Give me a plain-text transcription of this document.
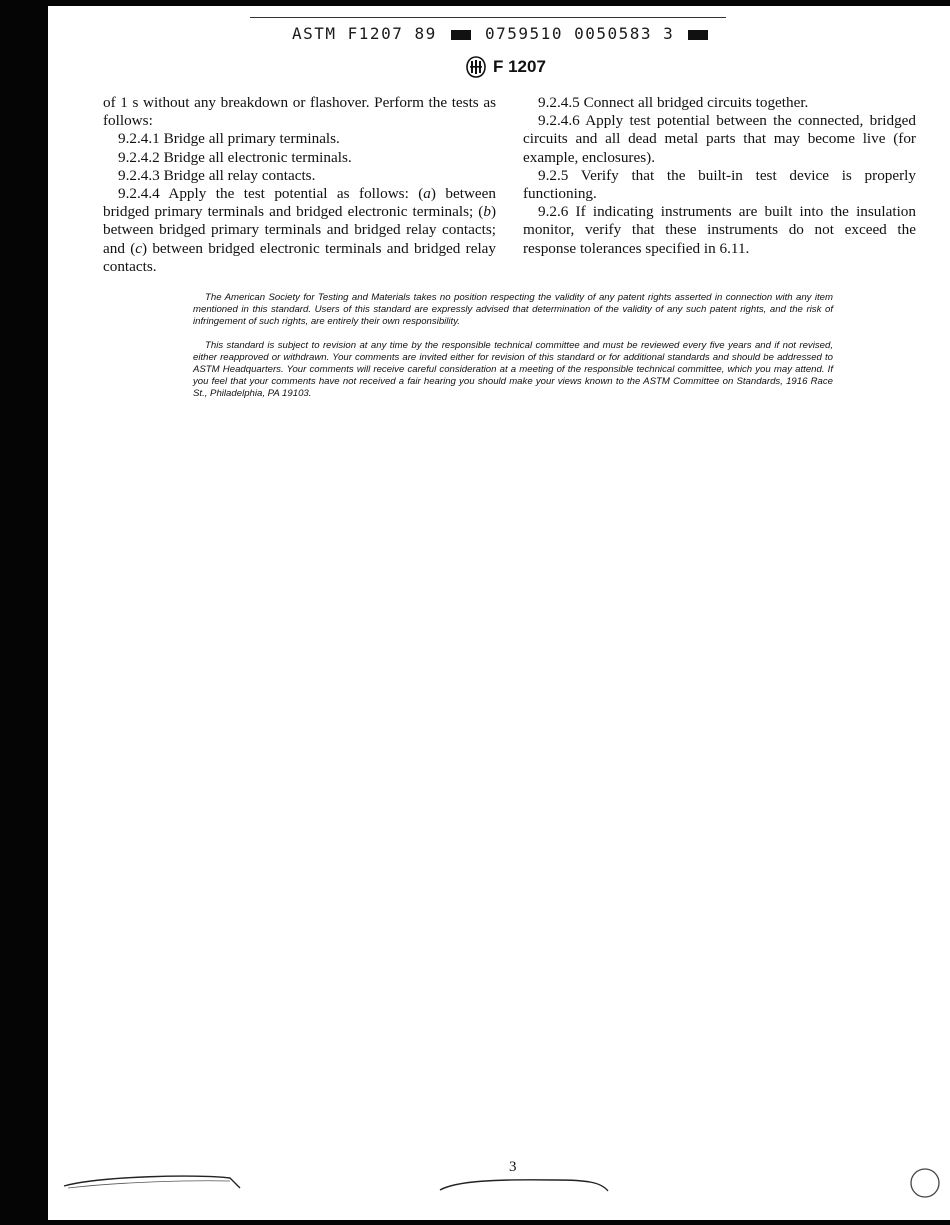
ASTM F1207 89	0759510 0050583 3
F 1207

of 1 s without any breakdown or flashover. Perform the tests as follows:

9.2.4.1 Bridge all primary terminals.

9.2.4.2 Bridge all electronic terminals.

9.2.4.3 Bridge all relay contacts.

9.2.4.4 Apply the test potential as follows: (a) between bridged primary terminals and bridged electronic terminals; (b) between bridged primary terminals and bridged relay contacts; and (c) between bridged electronic terminals and bridged relay contacts.

9.2.4.5 Connect all bridged circuits together.

9.2.4.6 Apply test potential between the connected, bridged circuits and all dead metal parts that may become live (for example, enclosures).

9.2.5 Verify that the built-in test device is properly functioning.

9.2.6 If indicating instruments are built into the insulation monitor, verify that these instruments do not exceed the response tolerances specified in 6.11.

The American Society for Testing and Materials takes no position respecting the validity of any patent rights asserted in connection with any item mentioned in this standard. Users of this standard are expressly advised that determination of the validity of any such patent rights, and the risk of infringement of such rights, are entirely their own responsibility.

This standard is subject to revision at any time by the responsible technical committee and must be reviewed every five years and if not revised, either reapproved or withdrawn. Your comments are invited either for revision of this standard or for additional standards and should be addressed to ASTM Headquarters. Your comments will receive careful consideration at a meeting of the responsible technical committee, which you may attend. If you feel that your comments have not received a fair hearing you should make your views known to the ASTM Committee on Standards, 1916 Race St., Philadelphia, PA 19103.

3
